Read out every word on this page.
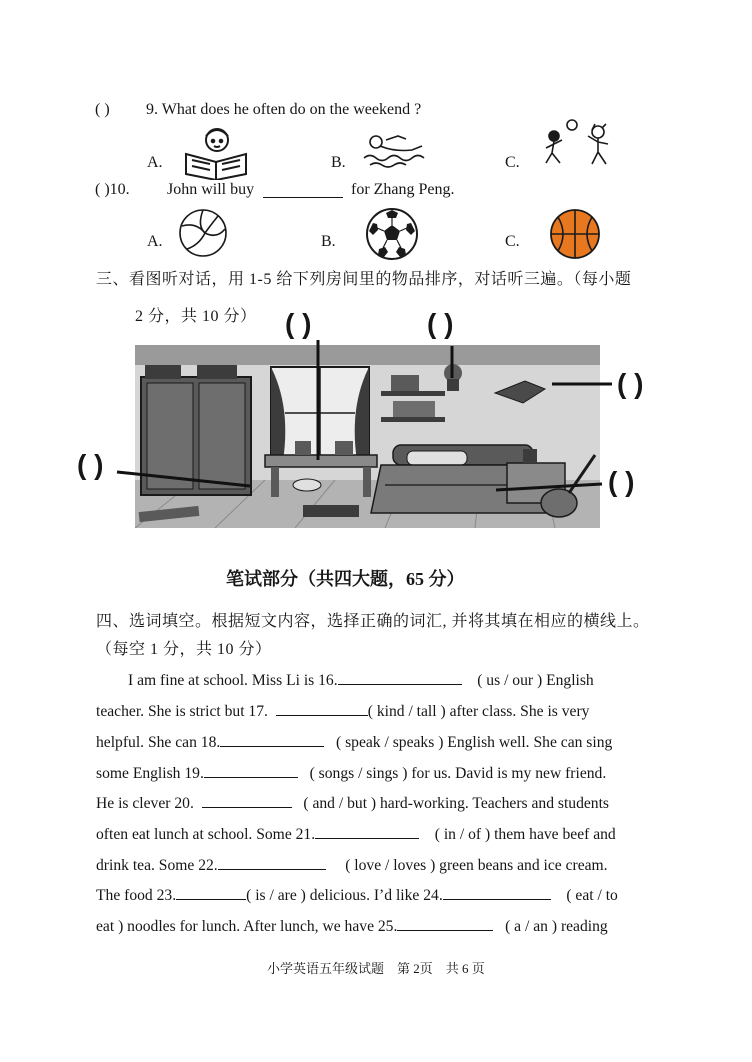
( ) 9. What does he often do on the weekend ?
A.	B.	C.
( )10. John will buy	for Zhang Peng.
A.	B.	C.
三、看图听对话，用 1-5 给下列房间里的物品排序，对话听三遍。（每小题
2 分，共 10 分） ( )	( )
( )
( )
( )
笔试部分（共四大题，65 分）
四、选词填空。根据短文内容，选择正确的词汇, 并将其填在相应的横线上。
（每空 1 分，共 10 分）
I am fine at school. Miss Li is 16.	( us / our ) English
teacher. She is strict but 17.	( kind / tall ) after class. She is very
helpful. She can 18.	( speak / speaks ) English well. She can sing
some English 19.	( songs / sings ) for us. David is my new friend.
He is clever 20.	( and / but ) hard-working. Teachers and students
often eat lunch at school. Some 21.	( in / of ) them have beef and
drink tea. Some 22.	( love / loves ) green beans and ice cream.
The food 23.	( is / are ) delicious. I’d like 24.	( eat / to
eat ) noodles for lunch. After lunch, we have 25.	( a / an ) reading
小学英语五年级试题    第 2页    共 6 页
